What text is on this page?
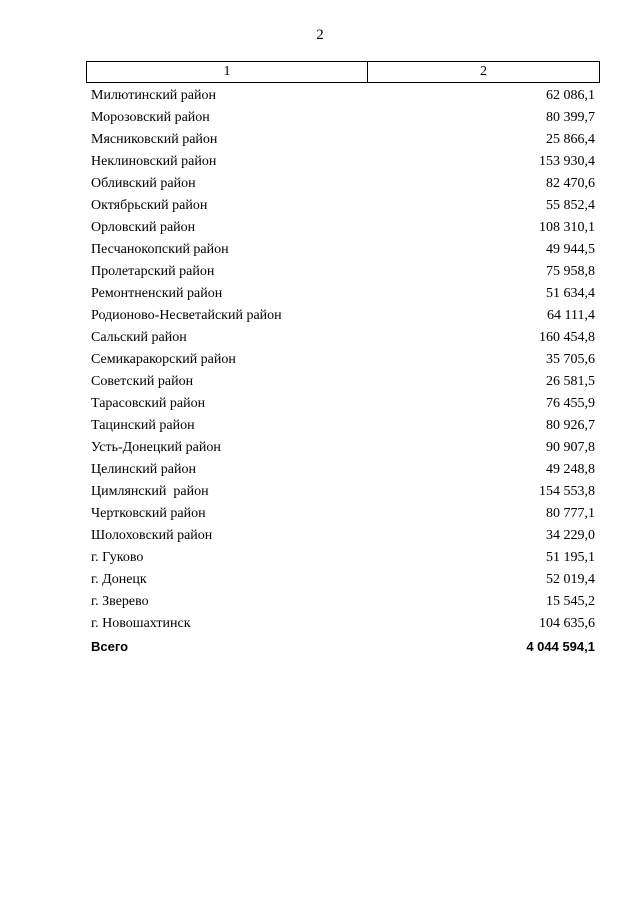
2
1	2
Милютинский район	62 086,1
Морозовский район	80 399,7
Мясниковский район	25 866,4
Неклиновский район	153 930,4
Обливский район	82 470,6
Октябрьский район	55 852,4
Орловский район	108 310,1
Песчанокопский район	49 944,5
Пролетарский район	75 958,8
Ремонтненский район	51 634,4
Родионово-Несветайский район	64 111,4
Сальский район	160 454,8
Семикаракорский район	35 705,6
Советский район	26 581,5
Тарасовский район	76 455,9
Тацинский район	80 926,7
Усть-Донецкий район	90 907,8
Целинский район	49 248,8
Цимлянский  район	154 553,8
Чертковский район	80 777,1
Шолоховский район	34 229,0
г. Гуково	51 195,1
г. Донецк	52 019,4
г. Зверево	15 545,2
г. Новошахтинск	104 635,6
Всего	4 044 594,1
